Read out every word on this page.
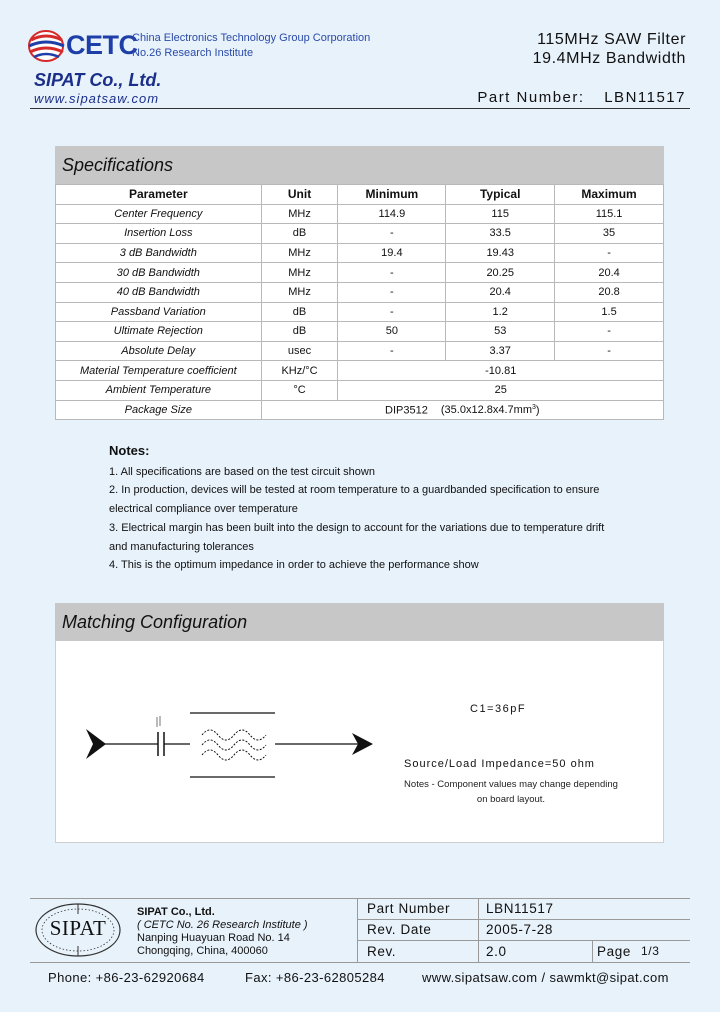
CETC
China Electronics Technology Group Corporation
No.26 Research Institute
SIPAT Co., Ltd.
www.sipatsaw.com
115MHz SAW Filter
19.4MHz Bandwidth
Part Number: LBN11517
Specifications
Parameter	Unit	Minimum	Typical	Maximum
Center Frequency	MHz	114.9	115	115.1
Insertion Loss	dB	-	33.5	35
3 dB Bandwidth	MHz	19.4	19.43	-
30 dB Bandwidth	MHz	-	20.25	20.4
40 dB Bandwidth	MHz	-	20.4	20.8
Passband Variation	dB	-	1.2	1.5
Ultimate Rejection	dB	50	53	-
Absolute Delay	usec	-	3.37	-
Material Temperature coefficient	KHz/°C	-10.81		
Ambient Temperature	°C	25		
Package Size	DIP3512 $(35.0x12.8x4.7mm^3)$			
Notes:
1. All specifications are based on the test circuit shown
2. In production, devices will be tested at room temperature to a guardbanded specification to ensure
electrical compliance over temperature
3. Electrical margin has been built into the design to account for the variations due to temperature drift
and manufacturing tolerances
4. This is the optimum impedance in order to achieve the performance show
Matching Configuration
C1=36pF
Source/Load Impedance=50 ohm
Notes - Component values may change depending on board layout.
SIPAT
SIPAT Co., Ltd.
( CETC No. 26 Research Institute )
Nanping Huayuan Road No. 14
Chongqing, China, 400060
Part Number	LBN11517
Rev. Date	2005-7-28
Rev.	2.0	Page 1/3
Phone: +86-23-62920684	Fax: +86-23-62805284	www.sipatsaw.com / sawmkt@sipat.com
